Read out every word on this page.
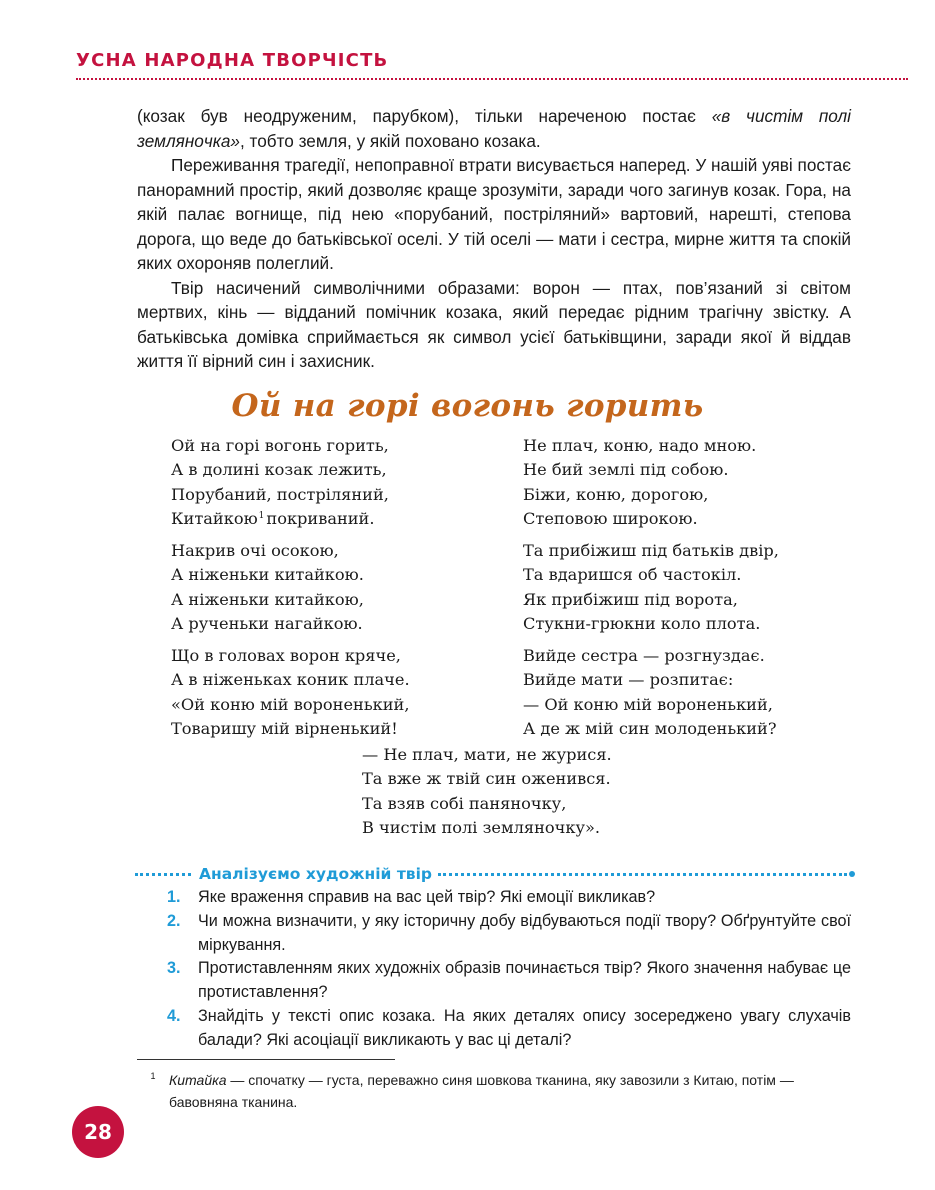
УСНА НАРОДНА ТВОРЧІСТЬ

(козак був неодруженим, парубком), тільки нареченою постає «в чистім полі землянoчка», тобто земля, у якій поховано козака.

Переживання трагедії, непоправної втрати висувається наперед. У нашій уяві постає панорамний простір, який дозволяє краще зрозуміти, заради чого загинув козак. Гора, на якій палає вогнище, під нею «порубаний, постріляний» вартовий, нарешті, степова дорога, що веде до батьківської оселі. У тій оселі — мати і сестра, мирне життя та спокій яких охороняв полеглий.

Твір насичений символічними образами: ворон — птах, пов’язаний зі світом мертвих, кінь — відданий помічник козака, який передає рідним трагічну звістку. А батьківська домівка сприймається як символ усієї батьківщини, заради якої й віддав життя її вірний син і захисник.

Ой на горі вогонь горить
Ой на горі вогонь горить,
А в долині козак лежить,
Порубаний, постріляний,
Китайкою$^1$ покриваний.
Накрив очі осокою,
А ніженьки китайкою.
А ніженьки китайкою,
А рученьки нагайкою.
Що в головах ворон кряче,
А в ніженьках коник плаче.
«Ой коню мій вороненький,
Товаришу мій вірненький!
Не плач, коню, надо мною.
Не бий землі під собою.
Біжи, коню, дорогою,
Степовою широкою.
Та прибіжиш під батьків двір,
Та вдаришся об частокіл.
Як прибіжиш під ворота,
Стукни-грюкни коло плота.
Вийде сестра — розгнуздає.
Вийде мати — розпитає:
— Ой коню мій вороненький,
А де ж мій син молоденький?
— Не плач, мати, не журися.
Та вже ж твій син оженився.
Та взяв собі паняночку,
В чистім полі землянoчку».
Аналізуємо художній твір
1.	Яке враження справив на вас цей твір? Які емоції викликав?
2.	Чи можна визначити, у яку історичну добу відбуваються події твору? Обґрунтуйте свої міркування.
3.	Протиставленням яких художніх образів починається твір? Якого значення набуває це протиставлення?
4.	Знайдіть у тексті опис козака. На яких деталях опису зосереджено увагу слухачів балади? Які асоціації викликають у вас ці деталі?
1 Китайка — спочатку — густа, переважно синя шовкова тканина, яку завозили з Китаю, потім — бавовняна тканина.
28
